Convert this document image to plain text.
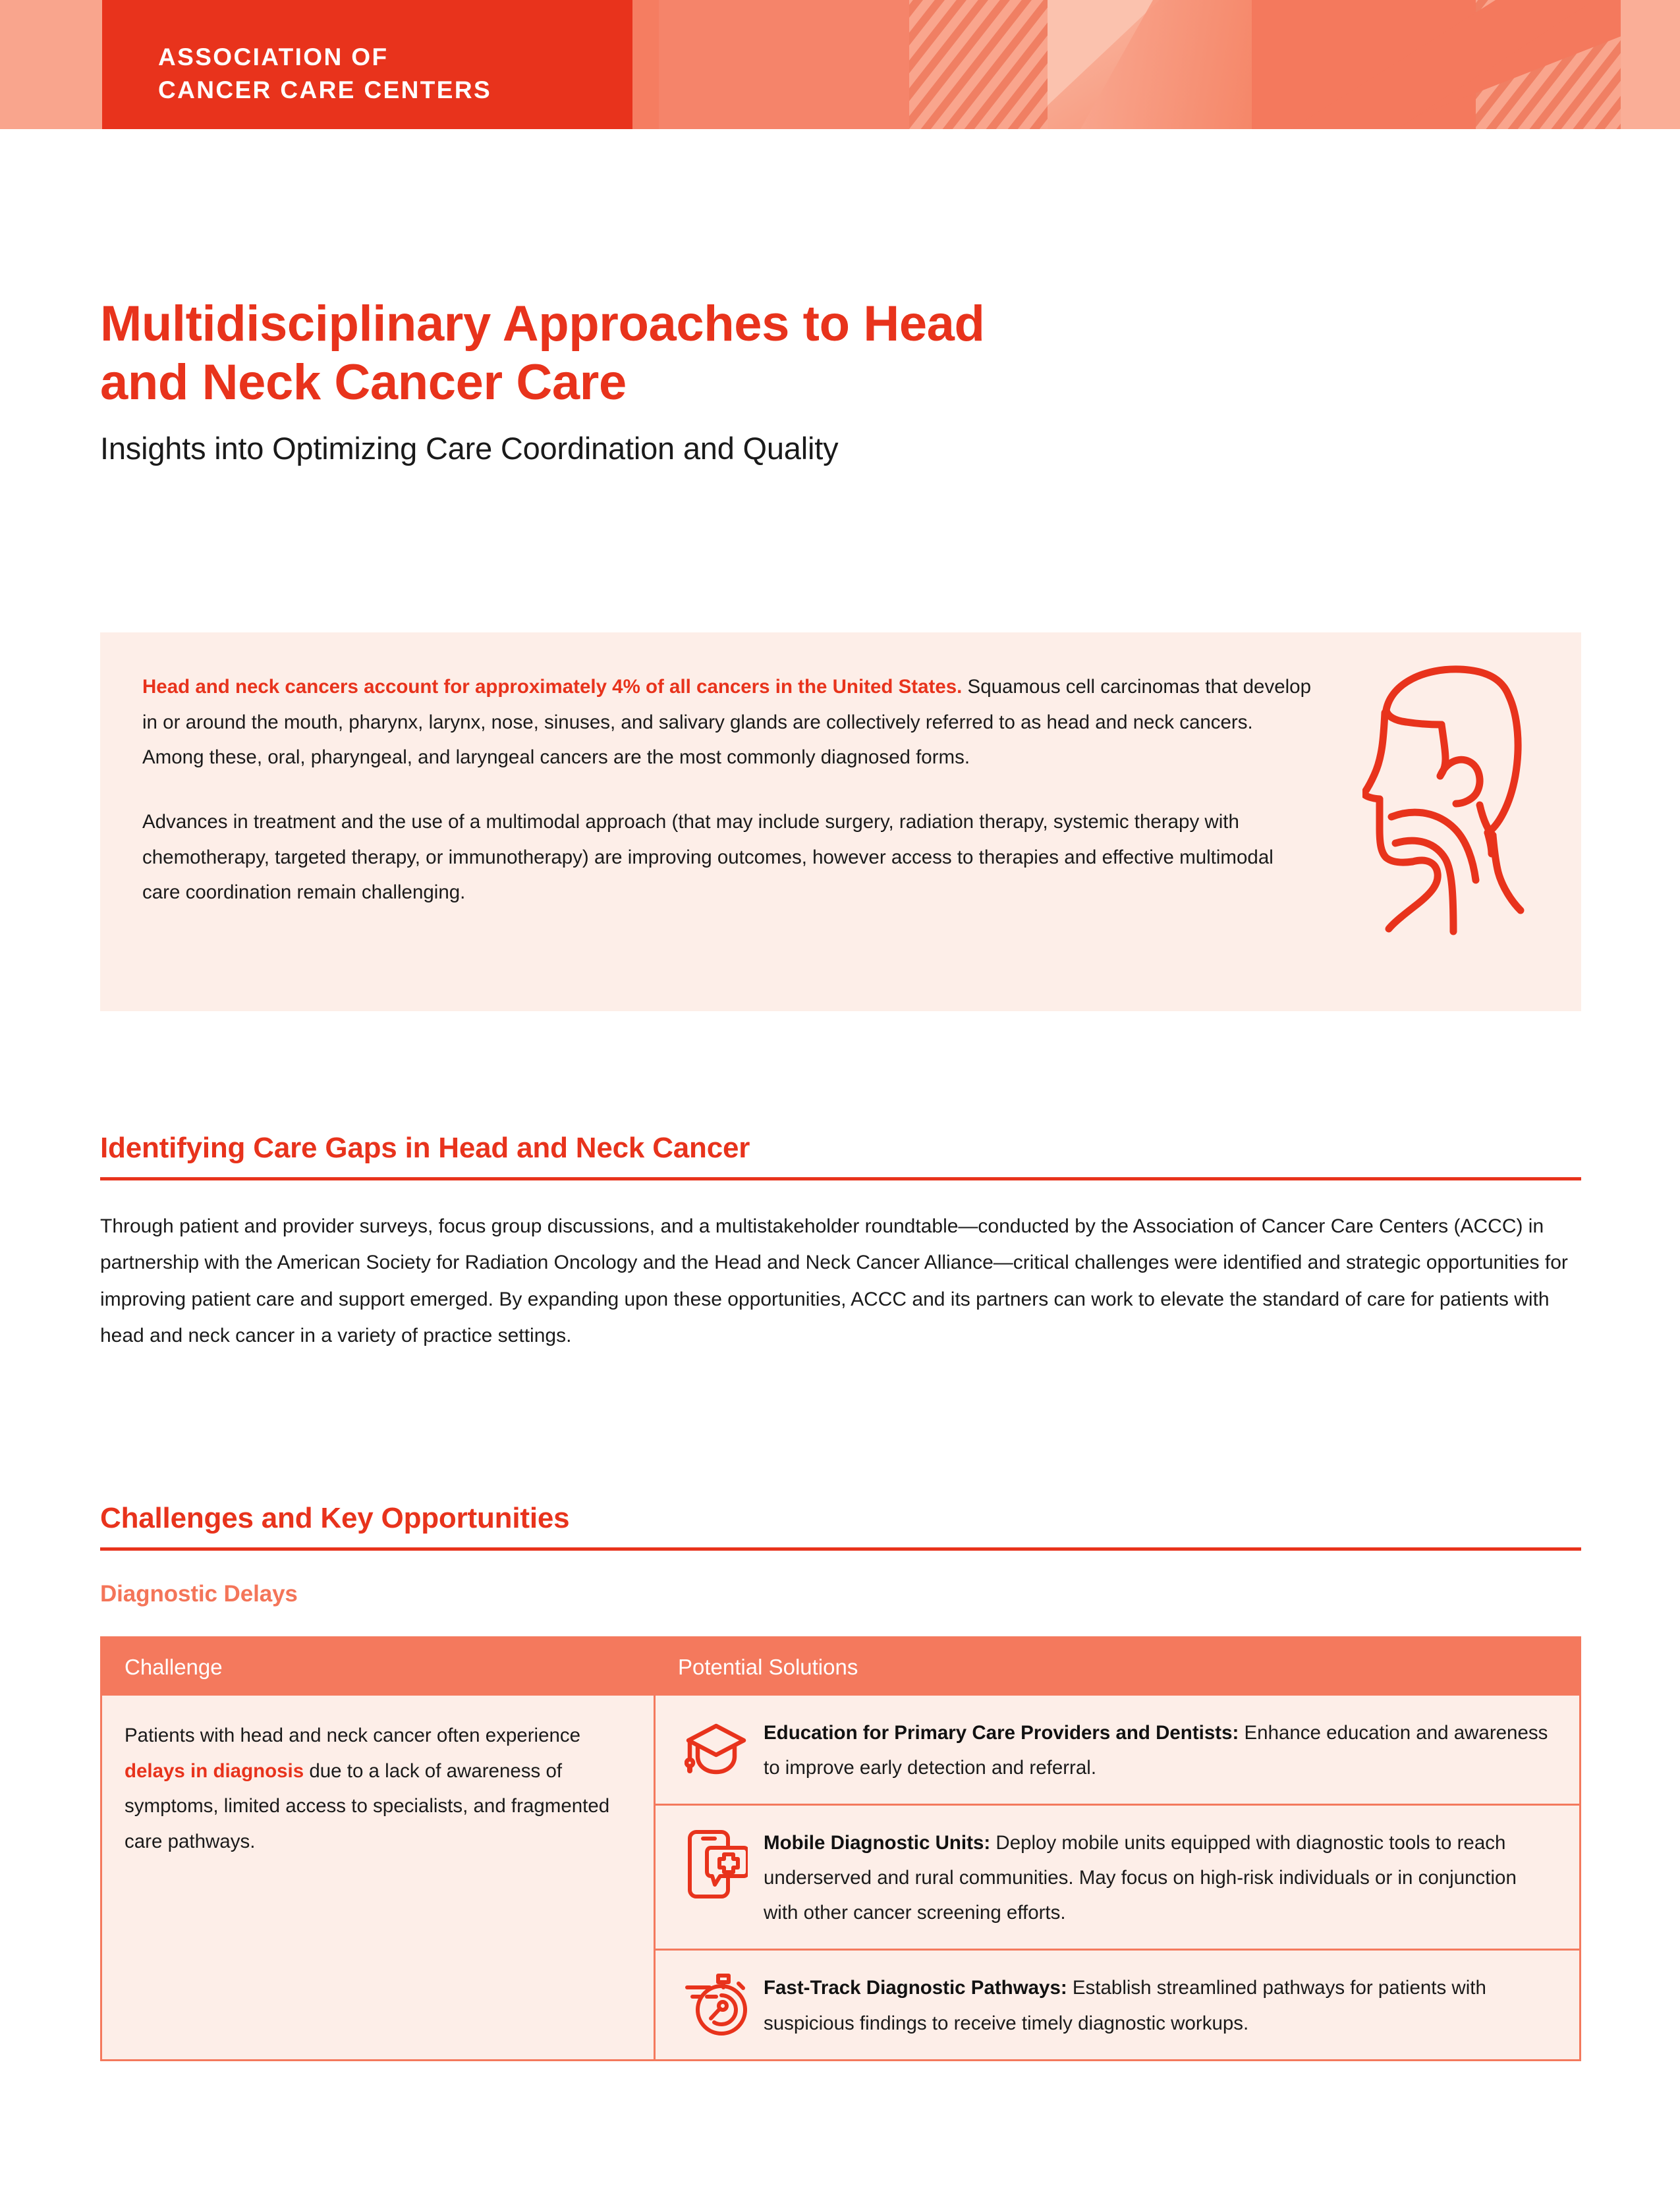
ASSOCIATION OF
CANCER CARE CENTERS
Multidisciplinary Approaches to Head
and Neck Cancer Care
Insights into Optimizing Care Coordination and Quality

Head and neck cancers account for approximately 4% of all cancers in the United States. Squamous cell carcinomas that develop in or around the mouth, pharynx, larynx, nose, sinuses, and salivary glands are collectively referred to as head and neck cancers. Among these, oral, pharyngeal, and laryngeal cancers are the most commonly diagnosed forms.

Advances in treatment and the use of a multimodal approach (that may include surgery, radiation therapy, systemic therapy with chemotherapy, targeted therapy, or immunotherapy) are improving outcomes, however access to therapies and effective multimodal care coordination remain challenging.

Identifying Care Gaps in Head and Neck Cancer

Through patient and provider surveys, focus group discussions, and a multistakeholder roundtable—conducted by the Association of Cancer Care Centers (ACCC) in partnership with the American Society for Radiation Oncology and the Head and Neck Cancer Alliance—critical challenges were identified and strategic opportunities for improving patient care and support emerged. By expanding upon these opportunities, ACCC and its partners can work to elevate the standard of care for patients with head and neck cancer in a variety of practice settings.

Challenges and Key Opportunities
Diagnostic Delays
Challenge	Potential Solutions
Patients with head and neck cancer often experience delays in diagnosis due to a lack of awareness of symptoms, limited access to specialists, and fragmented care pathways.
Education for Primary Care Providers and Dentists: Enhance education and awareness to improve early detection and referral.
Mobile Diagnostic Units: Deploy mobile units equipped with diagnostic tools to reach underserved and rural communities. May focus on high-risk individuals or in conjunction with other cancer screening efforts.
Fast-Track Diagnostic Pathways: Establish streamlined pathways for patients with suspicious findings to receive timely diagnostic workups.
